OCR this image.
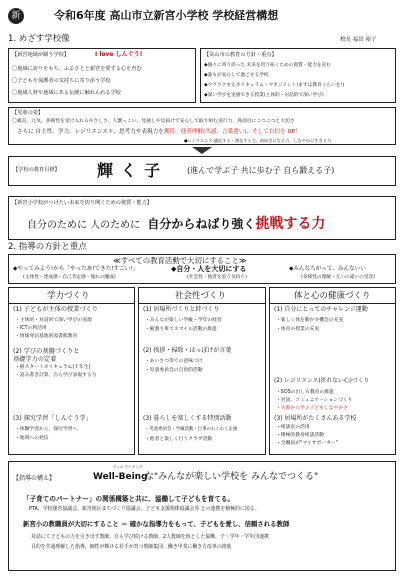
新	令和6年度 高山市立新宮小学校 学校経営構想
1. めざす学校像	校長 福田 裕子
【新宮地域が願う学校】	I love しんぐう!
〇地域に誇りをもち、ふるさとと新宮を愛する心を育む
〇子どもや保護者の気持ちに寄り添う学校
〇地域人材や地域にある伝統に触れられる学校
【高山市の教育の方針・重点】
◆個々に寄り添った 未来を切り拓くための資質・能力を育む
◆誰もが安心して過ごせる学校
◆ワクワクするカリキュラム・マネジメント(まずは教育ぐらいを!)
◆深い学びを実感できる授業(主体的・対話的で深い学び)
【児童の姿】
〇素直、元気、多様性を受け入れるやさしさ、人懐っこい、見通しや見届けで安心して取り組む実行力、真面目にこつこつと大切さ
さらに 自主性、学力、レジリエンス＊、思考力や表現力を獲得、他者理解(共感、言葉遣い)、そして自信を UP！
●レジリエンス:適応する・潜在する力、前向きになる力、しなやかに生きる力
【学校の教育目標】 輝 く 子	(進んで学ぶ子 共に歩む子 自ら鍛える子)
【新宮小学校がつけたい未来を切り開くための資質・能力】
自分のために 人のために 自分からねばり強く挑戦する力
2. 指導の方針と重点
≪すべての教育活動で大切にすること≫
◆やってみよう!から「やったあ!できた!すごい!」
(主体性・達成感・自己肯定感・憧れの醸成)
◆自分・人を大切にする
(社会性・他者を思う気持ち)
◆みんなちがって、みんないい
(多様性の理解・互いの違いの受容)
学力づくり
(1) 子どもが主体の授業づくり
・主体的・対話的で深い学びの実現
・ICTの利活用
・情報発信基地的図書館教育
(2) 学びの基盤づくりと
基礎学力の定着
・板スタートカリキュラム(１年生)
・読み書き計算、自ら学び表現する力
(3) 探究学習「しんぐう学」
・体験学習から、探究学習へ
・地域への発信
社会性づくり
(1) 居場所づくりと絆づくり
・みんなが楽しい学級・学年の経営
・縦割り班でスマイル活動の推進
(2) 挨拶・掃除・ほっぽけが言葉
・あいさつ等での意味づけ
・児童委員会の自治的活動
(3) 暮らしを楽しくする特別活動
・児童委員会・学級活動・行事のわくわく企画
・他者と楽しく行うクラブ活動
体と心の健康づくり
(1) 自分にとってのチャレンジ運動
・楽しく体を動かす機会の充実
・体育の授業の充実
(2) レジリエンス(折れない心)づくり
・SOSの出し方教育の推進
・対話、コミュニケーションづくり
・失敗から学ぶ子どもしなやかさ
(3) 居場所がたくさんある学校
・相談室の活用
・積極的教育相談活動
・全職員が"マイサポーター"
【指導の構え】
ウェル ビーイング
Well-Being
な"みんなが楽しい学校を みんなでつくる"
「子育てのパートナー」の関係構築と共に、協働して子どもを育てる。
PTA、学校運営協議会、新宮地区まちづくり協議会、子ども支援関係協議会等 との連携を積極的に図る。
新宮小の教職員が大切にすること ＝ 確かな指導力をもって、子どもを愛し、信頼される教師
対話にて子どもの力を引き出す教師、自ら学び続ける教師、2人教師を核とした協働、子・学年・学年団連携
目的を共通理解した指導、個性が輝ける若手が育つ教師集団、働き甲斐に働き方改革の推進
